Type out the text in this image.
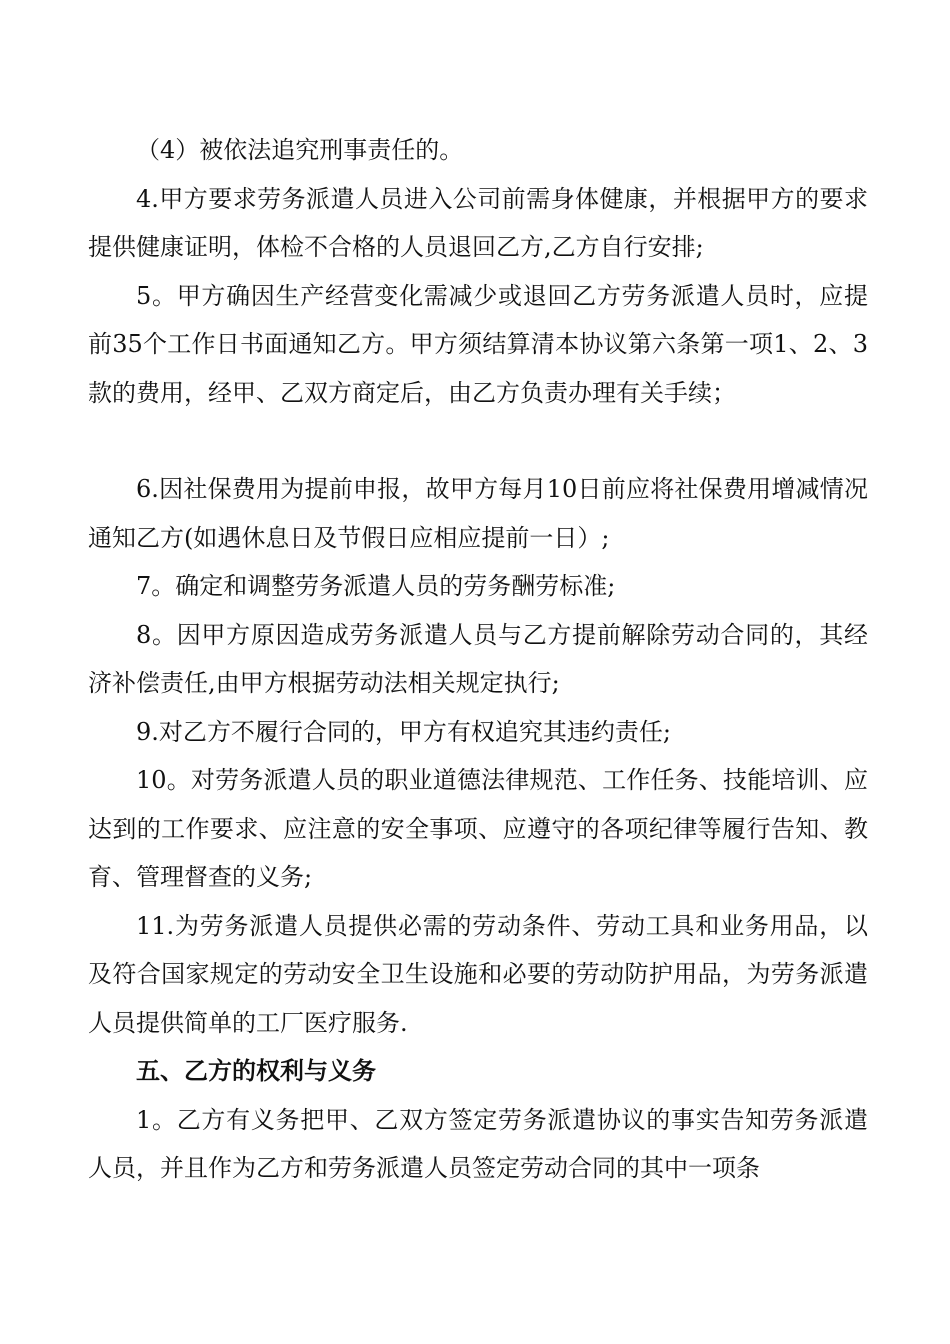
（4）被依法追究刑事责任的。

4.甲方要求劳务派遣人员进入公司前需身体健康，并根据甲方的要求提供健康证明，体检不合格的人员退回乙方,乙方自行安排;

5。甲方确因生产经营变化需减少或退回乙方劳务派遣人员时，应提前35个工作日书面通知乙方。甲方须结算清本协议第六条第一项1、2、3款的费用，经甲、乙双方商定后，由乙方负责办理有关手续；

6.因社保费用为提前申报，故甲方每月10日前应将社保费用增减情况通知乙方(如遇休息日及节假日应相应提前一日）;

7。确定和调整劳务派遣人员的劳务酬劳标准;

8。因甲方原因造成劳务派遣人员与乙方提前解除劳动合同的，其经济补偿责任,由甲方根据劳动法相关规定执行;

9.对乙方不履行合同的，甲方有权追究其违约责任;

10。对劳务派遣人员的职业道德法律规范、工作任务、技能培训、应达到的工作要求、应注意的安全事项、应遵守的各项纪律等履行告知、教育、管理督查的义务;

11.为劳务派遣人员提供必需的劳动条件、劳动工具和业务用品，以及符合国家规定的劳动安全卫生设施和必要的劳动防护用品，为劳务派遣人员提供简单的工厂医疗服务.

五、乙方的权利与义务

1。乙方有义务把甲、乙双方签定劳务派遣协议的事实告知劳务派遣人员，并且作为乙方和劳务派遣人员签定劳动合同的其中一项条
